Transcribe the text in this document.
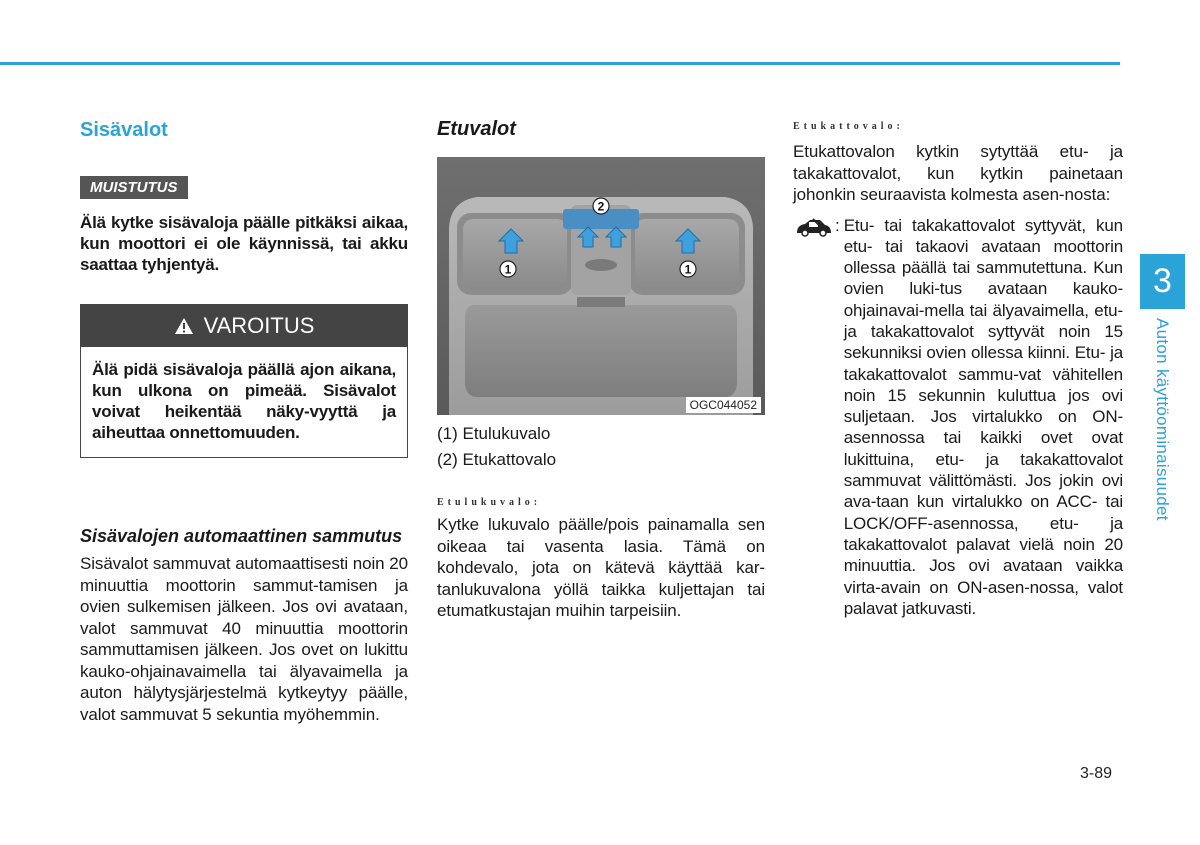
Sisävalot
MUISTUTUS
Älä kytke sisävaloja päälle pitkäksi aikaa, kun moottori ei ole käynnissä, tai akku saattaa tyhjentyä.
VAROITUS
Älä pidä sisävaloja päällä ajon aikana, kun ulkona on pimeää. Sisävalot voivat heikentää näky-vyyttä ja aiheuttaa onnettomuuden.
Sisävalojen automaattinen sammutus
Sisävalot sammuvat automaattisesti noin 20 minuuttia moottorin sammut-tamisen ja ovien sulkemisen jälkeen. Jos ovi avataan, valot sammuvat 40 minuuttia moottorin sammuttamisen jälkeen. Jos ovet on lukittu kauko-ohjainavaimella tai älyavaimella ja auton hälytysjärjestelmä kytkeytyy päälle, valot sammuvat 5 sekuntia myöhemmin.
Etuvalot
1	1
2
OGC044052
(1) Etulukuvalo
(2) Etukattovalo
Etulukuvalo:
Kytke lukuvalo päälle/pois painamalla sen oikeaa tai vasenta lasia. Tämä on kohdevalo, jota on kätevä käyttää kar-tanlukuvalona yöllä taikka kuljettajan tai etumatkustajan muihin tarpeisiin.
Etukattovalo:
Etukattovalon kytkin sytyttää etu- ja takakattovalot, kun kytkin painetaan johonkin seuraavista kolmesta asen-nosta:
: Etu- tai takakattovalot syttyvät, kun etu- tai takaovi avataan moottorin ollessa päällä tai sammutettuna. Kun ovien luki-tus avataan kauko-ohjainavai-mella tai älyavaimella, etu- ja takakattovalot syttyvät noin 15 sekunniksi ovien ollessa kiinni. Etu- ja takakattovalot sammu-vat vähitellen noin 15 sekunnin kuluttua jos ovi suljetaan. Jos virtalukko on ON-asennossa tai kaikki ovet ovat lukittuina, etu- ja takakattovalot sammuvat välittömästi. Jos jokin ovi ava-taan kun virtalukko on ACC- tai LOCK/OFF-asennossa, etu- ja takakattovalot palavat vielä noin 20 minuuttia. Jos ovi avataan vaikka virta-avain on ON-asen-nossa, valot palavat jatkuvasti.
3
Auton käyttöominaisuudet
3-89
